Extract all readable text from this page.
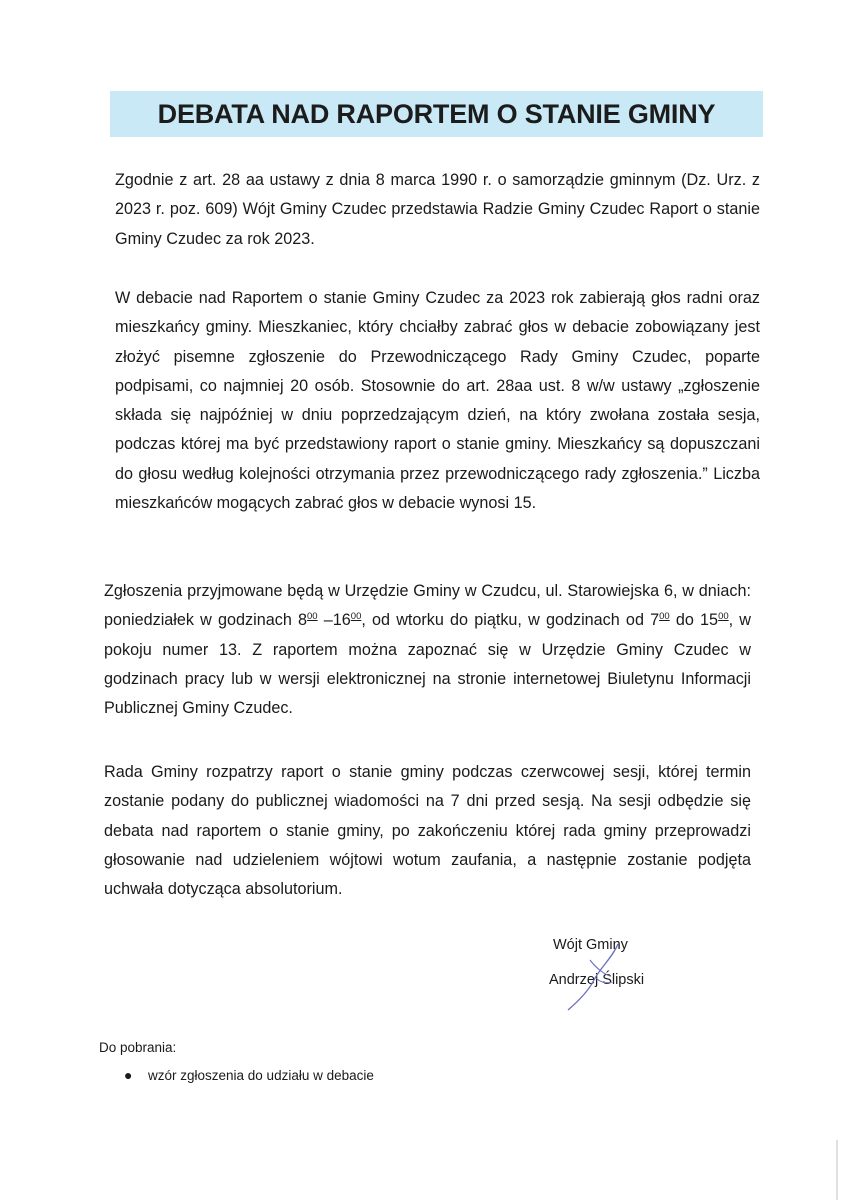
DEBATA NAD RAPORTEM O STANIE GMINY

Zgodnie z art. 28 aa ustawy z dnia 8 marca 1990 r. o samorządzie gminnym (Dz. Urz. z 2023 r. poz. 609) Wójt Gminy Czudec przedstawia Radzie Gminy Czudec Raport o stanie Gminy Czudec za rok 2023.

W debacie nad Raportem o stanie Gminy Czudec za 2023 rok zabierają głos radni oraz mieszkańcy gminy. Mieszkaniec, który chciałby zabrać głos w debacie zobowiązany jest złożyć pisemne zgłoszenie do Przewodniczącego Rady Gminy Czudec, poparte podpisami, co najmniej 20 osób. Stosownie do art. 28aa ust. 8 w/w ustawy „zgłoszenie składa się najpóźniej w dniu poprzedzającym dzień, na który zwołana została sesja, podczas której ma być przedstawiony raport o stanie gminy. Mieszkańcy są dopuszczani do głosu według kolejności otrzymania przez przewodniczącego rady zgłoszenia.” Liczba mieszkańców mogących zabrać głos w debacie wynosi 15.

Zgłoszenia przyjmowane będą w Urzędzie Gminy w Czudcu, ul. Starowiejska 6, w dniach: poniedziałek w godzinach $8^{00}$ $-16^{00}$, od wtorku do piątku, w godzinach od $7^{00}$ do $15^{00}$, w pokoju numer 13. Z raportem można zapoznać się w Urzędzie Gminy Czudec w godzinach pracy lub w wersji elektronicznej na stronie internetowej Biuletynu Informacji Publicznej Gminy Czudec.

Rada Gminy rozpatrzy raport o stanie gminy podczas czerwcowej sesji, której termin zostanie podany do publicznej wiadomości na 7 dni przed sesją. Na sesji odbędzie się debata nad raportem o stanie gminy, po zakończeniu której rada gminy przeprowadzi głosowanie nad udzieleniem wójtowi wotum zaufania, a następnie zostanie podjęta uchwała dotycząca absolutorium.

Wójt Gminy
Andrzej Ślipski
Do pobrania:
● wzór zgłoszenia do udziału w debacie
